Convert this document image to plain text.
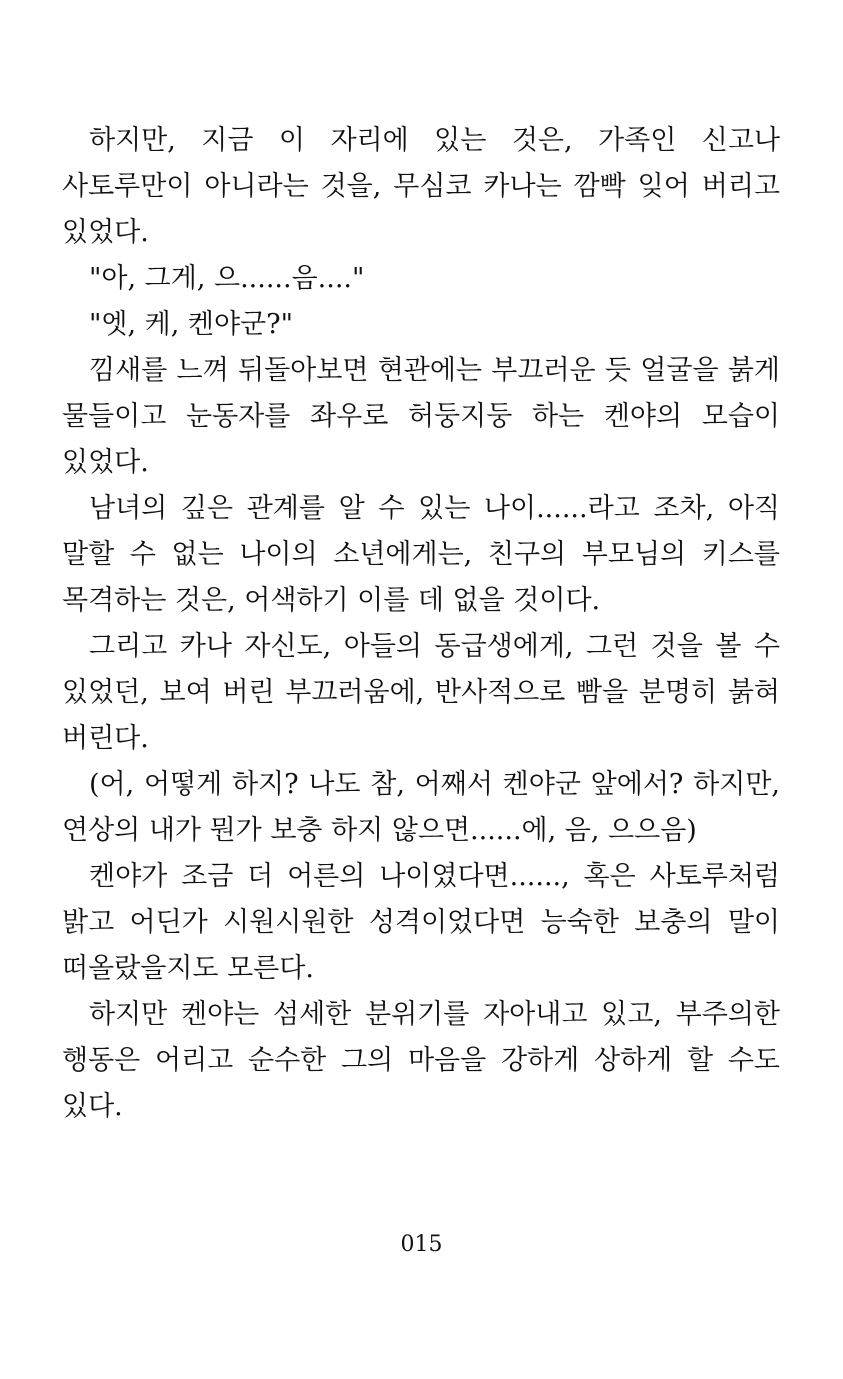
하지만, 지금 이 자리에 있는 것은, 가족인 신고나
사토루만이 아니라는 것을, 무심코 카나는 깜빡 잊어 버리고
있었다.
"아, 그게, 으......음...."
"엣, 케, 켄야군?"
낌새를 느껴 뒤돌아보면 현관에는 부끄러운 듯 얼굴을 붉게
물들이고 눈동자를 좌우로 허둥지둥 하는 켄야의 모습이
있었다.
남녀의 깊은 관계를 알 수 있는 나이......라고 조차, 아직
말할 수 없는 나이의 소년에게는, 친구의 부모님의 키스를
목격하는 것은, 어색하기 이를 데 없을 것이다.
그리고 카나 자신도, 아들의 동급생에게, 그런 것을 볼 수
있었던, 보여 버린 부끄러움에, 반사적으로 빰을 분명히 붉혀
버린다.
(어, 어떻게 하지? 나도 참, 어째서 켄야군 앞에서? 하지만,
연상의 내가 뭔가 보충 하지 않으면......에, 음, 으으음)
켄야가 조금 더 어른의 나이였다면......, 혹은 사토루처럼
밝고 어딘가 시원시원한 성격이었다면 능숙한 보충의 말이
떠올랐을지도 모른다.
하지만 켄야는 섬세한 분위기를 자아내고 있고, 부주의한
행동은 어리고 순수한 그의 마음을 강하게 상하게 할 수도
있다.
015
